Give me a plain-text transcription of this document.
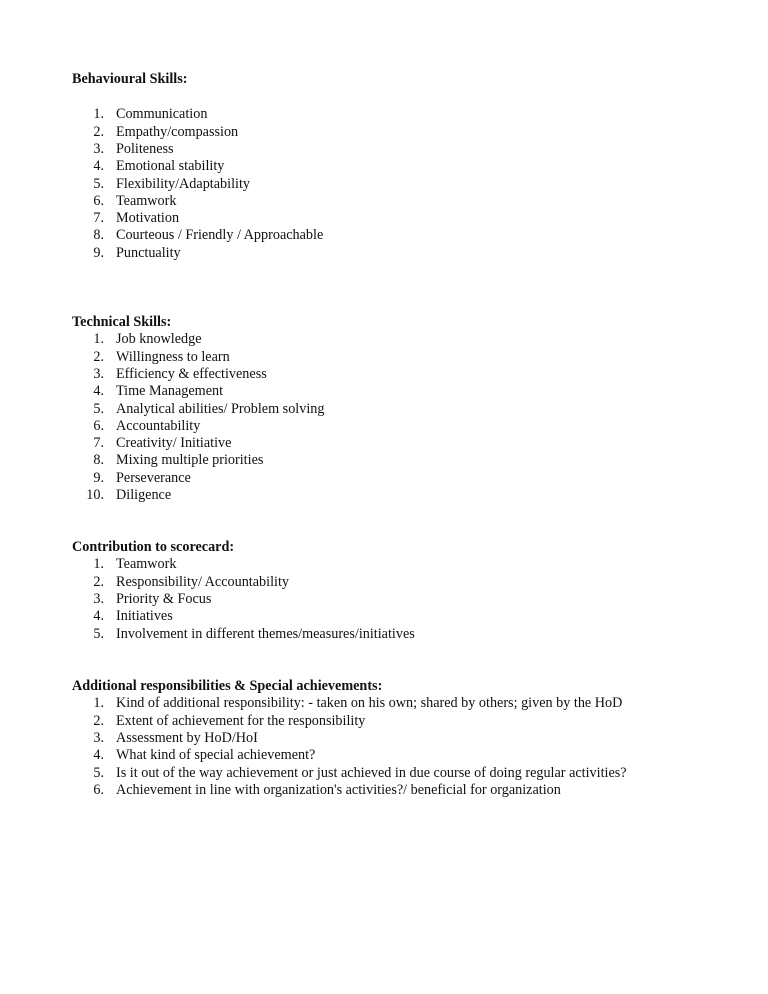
Behavioural Skills:
1. Communication
2. Empathy/compassion
3. Politeness
4. Emotional stability
5. Flexibility/Adaptability
6. Teamwork
7. Motivation
8. Courteous / Friendly / Approachable
9. Punctuality
Technical Skills:
1. Job knowledge
2. Willingness to learn
3. Efficiency & effectiveness
4. Time Management
5. Analytical abilities/ Problem solving
6. Accountability
7. Creativity/ Initiative
8. Mixing multiple priorities
9. Perseverance
10. Diligence
Contribution to scorecard:
1. Teamwork
2. Responsibility/ Accountability
3. Priority & Focus
4. Initiatives
5. Involvement in different themes/measures/initiatives
Additional responsibilities & Special achievements:
1. Kind of additional responsibility: - taken on his own; shared by others; given by the HoD
2. Extent of achievement for the responsibility
3. Assessment by HoD/HoI
4. What kind of special achievement?
5. Is it out of the way achievement or just achieved in due course of doing regular activities?
6. Achievement in line with organization's activities?/ beneficial for organization
